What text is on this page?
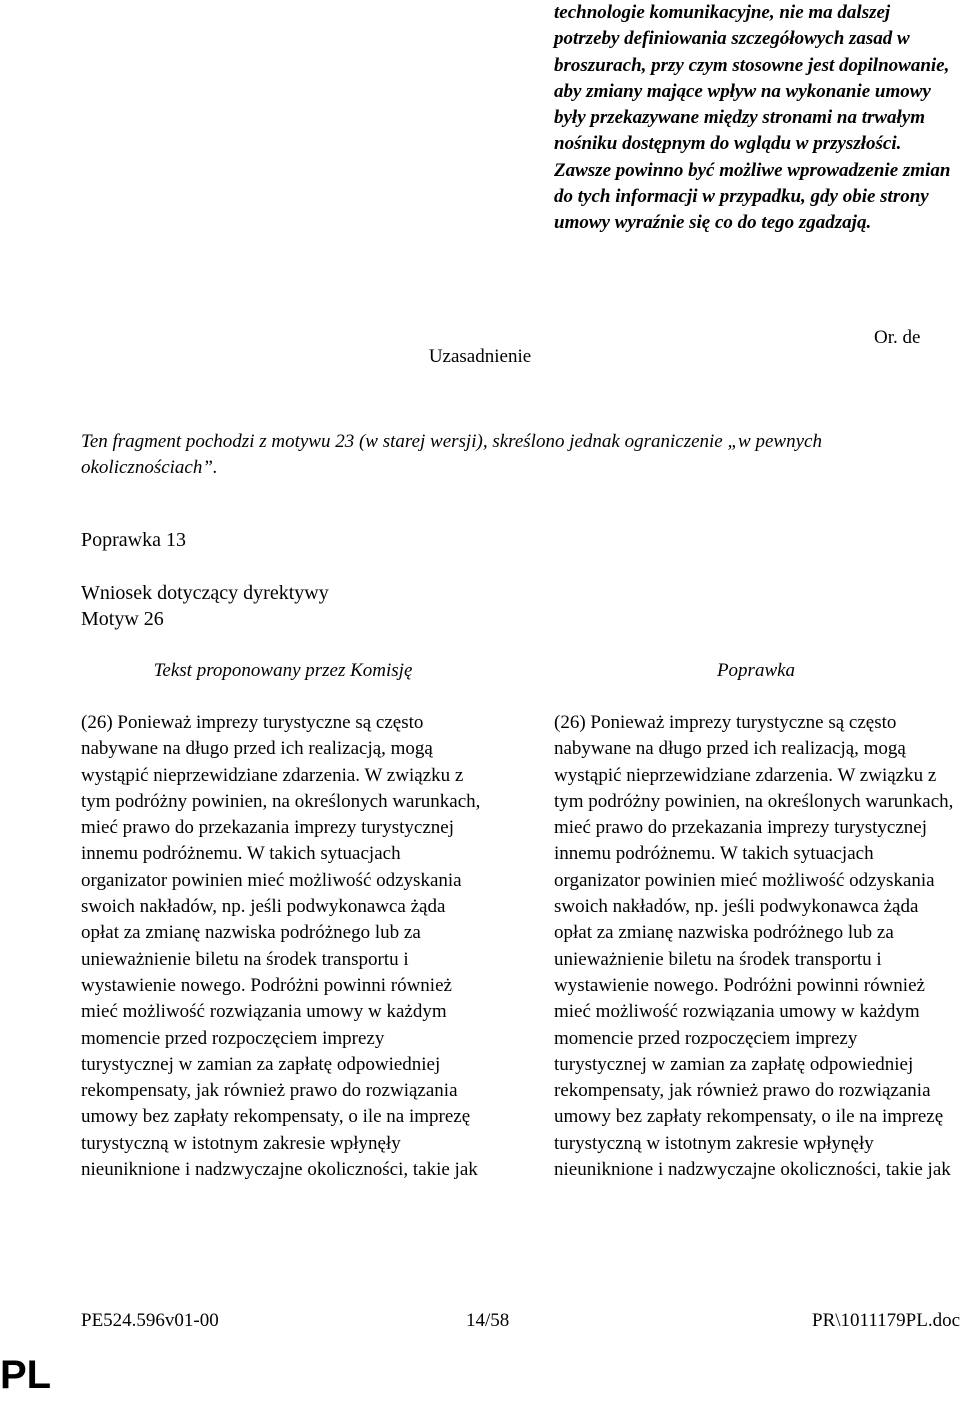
technologie komunikacyjne, nie ma dalszej potrzeby definiowania szczegółowych zasad w broszurach, przy czym stosowne jest dopilnowanie, aby zmiany mające wpływ na wykonanie umowy były przekazywane między stronami na trwałym nośniku dostępnym do wglądu w przyszłości. Zawsze powinno być możliwe wprowadzenie zmian do tych informacji w przypadku, gdy obie strony umowy wyraźnie się co do tego zgadzają.

Or. de
Uzasadnienie
Ten fragment pochodzi z motywu 23 (w starej wersji), skreślono jednak ograniczenie „w pewnych okolicznościach”.
Poprawka 13
Wniosek dotyczący dyrektywy
Motyw 26
Tekst proponowany przez Komisję	Poprawka
(26) Ponieważ imprezy turystyczne są często nabywane na długo przed ich realizacją, mogą wystąpić nieprzewidziane zdarzenia. W związku z tym podróżny powinien, na określonych warunkach, mieć prawo do przekazania imprezy turystycznej innemu podróżnemu. W takich sytuacjach organizator powinien mieć możliwość odzyskania swoich nakładów, np. jeśli podwykonawca żąda opłat za zmianę nazwiska podróżnego lub za unieważnienie biletu na środek transportu i wystawienie nowego. Podróżni powinni również mieć możliwość rozwiązania umowy w każdym momencie przed rozpoczęciem imprezy turystycznej w zamian za zapłatę odpowiedniej rekompensaty, jak również prawo do rozwiązania umowy bez zapłaty rekompensaty, o ile na imprezę turystyczną w istotnym zakresie wpłynęły nieuniknione i nadzwyczajne okoliczności, takie jak
(26) Ponieważ imprezy turystyczne są często nabywane na długo przed ich realizacją, mogą wystąpić nieprzewidziane zdarzenia. W związku z tym podróżny powinien, na określonych warunkach, mieć prawo do przekazania imprezy turystycznej innemu podróżnemu. W takich sytuacjach organizator powinien mieć możliwość odzyskania swoich nakładów, np. jeśli podwykonawca żąda opłat za zmianę nazwiska podróżnego lub za unieważnienie biletu na środek transportu i wystawienie nowego. Podróżni powinni również mieć możliwość rozwiązania umowy w każdym momencie przed rozpoczęciem imprezy turystycznej w zamian za zapłatę odpowiedniej rekompensaty, jak również prawo do rozwiązania umowy bez zapłaty rekompensaty, o ile na imprezę turystyczną w istotnym zakresie wpłynęły nieuniknione i nadzwyczajne okoliczności, takie jak
PE524.596v01-00	14/58	PR\1011179PL.doc
PL
